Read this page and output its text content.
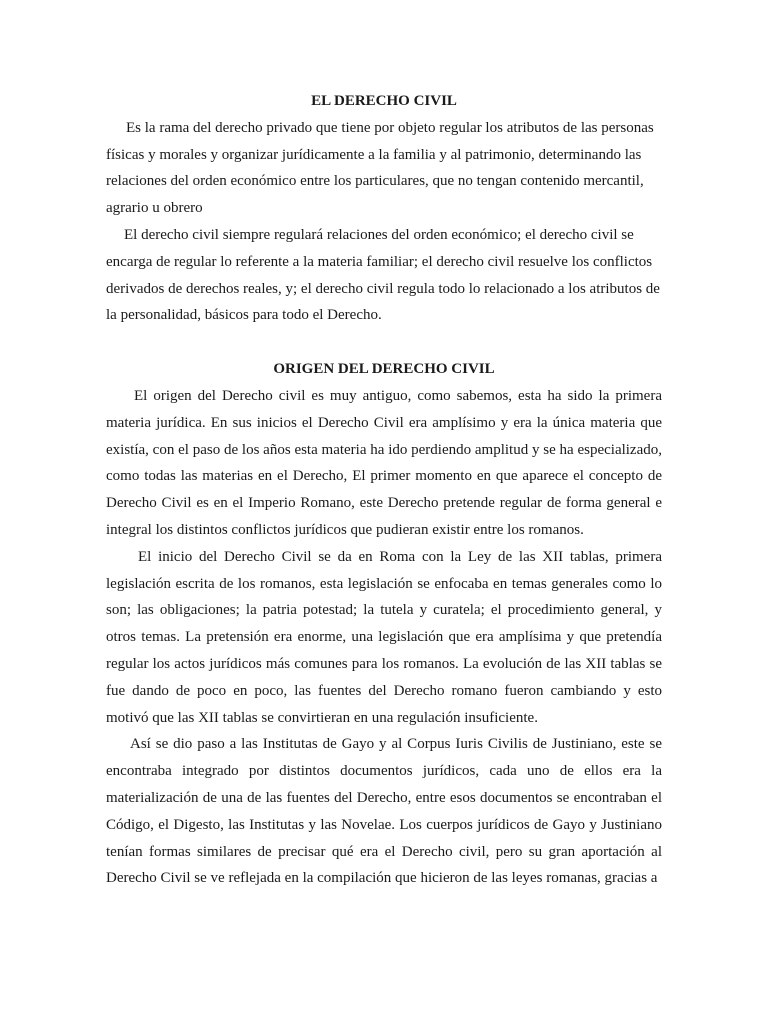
EL DERECHO CIVIL

Es la rama del derecho privado que tiene por objeto regular los atributos de las personas físicas y morales y organizar jurídicamente a la familia y al patrimonio, determinando las relaciones del orden económico entre los particulares, que no tengan contenido mercantil, agrario u obrero

El derecho civil siempre regulará relaciones del orden económico; el derecho civil se encarga de regular lo referente a la materia familiar; el derecho civil resuelve los conflictos derivados de derechos reales, y; el derecho civil regula todo lo relacionado a los atributos de la personalidad, básicos para todo el Derecho.

ORIGEN DEL DERECHO CIVIL

El origen del Derecho civil es muy antiguo, como sabemos, esta ha sido la primera materia jurídica. En sus inicios el Derecho Civil era amplísimo y era la única materia que existía, con el paso de los años esta materia ha ido perdiendo amplitud y se ha especializado, como todas las materias en el Derecho, El primer momento en que aparece el concepto de Derecho Civil es en el Imperio Romano, este Derecho pretende regular de forma general e integral los distintos conflictos jurídicos que pudieran existir entre los romanos.

El inicio del Derecho Civil se da en Roma con la Ley de las XII tablas, primera legislación escrita de los romanos, esta legislación se enfocaba en temas generales como lo son; las obligaciones; la patria potestad; la tutela y curatela; el procedimiento general, y otros temas. La pretensión era enorme, una legislación que era amplísima y que pretendía regular los actos jurídicos más comunes para los romanos. La evolución de las XII tablas se fue dando de poco en poco, las fuentes del Derecho romano fueron cambiando y esto motivó que las XII tablas se convirtieran en una regulación insuficiente.

Así se dio paso a las Institutas de Gayo y al Corpus Iuris Civilis de Justiniano, este se encontraba integrado por distintos documentos jurídicos, cada uno de ellos era la materialización de una de las fuentes del Derecho, entre esos documentos se encontraban el Código, el Digesto, las Institutas y las Novelae. Los cuerpos jurídicos de Gayo y Justiniano tenían formas similares de precisar qué era el Derecho civil, pero su gran aportación al Derecho Civil se ve reflejada en la compilación que hicieron de las leyes romanas, gracias a
